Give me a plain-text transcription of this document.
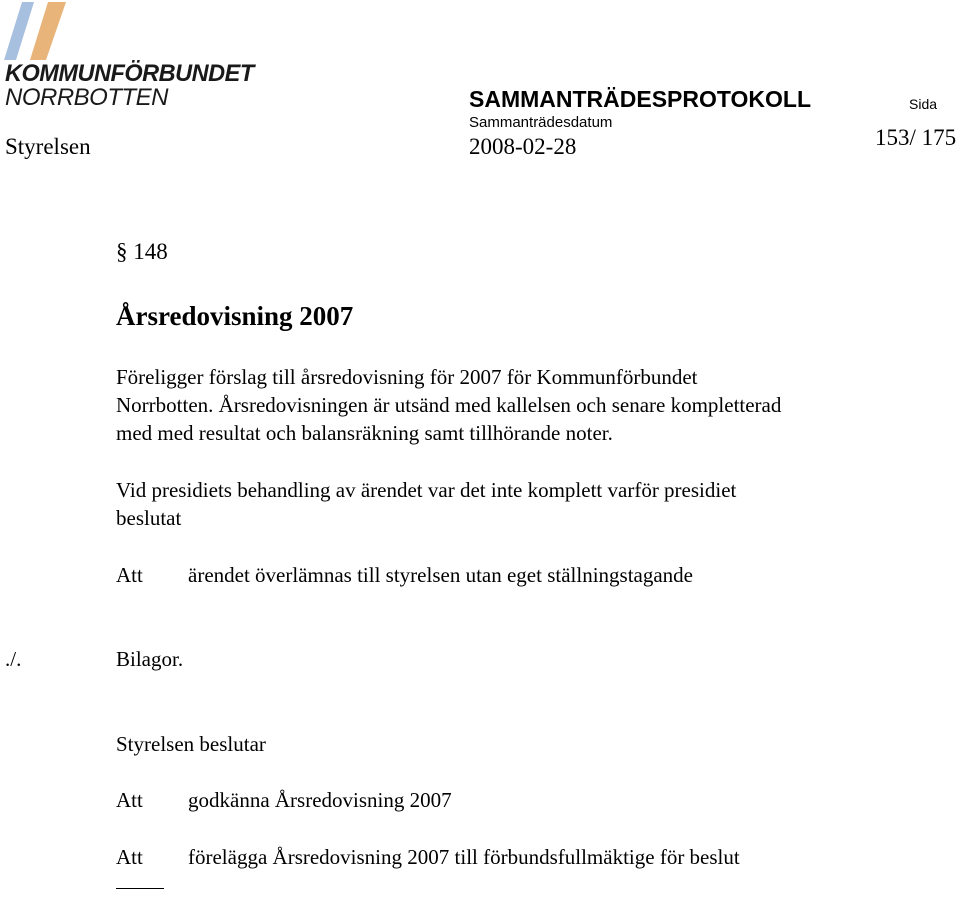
KOMMUNFÖRBUNDET
NORRBOTTEN	SAMMANTRÄDESPROTOKOLL	Sida
Sammanträdesdatum
Styrelsen	2008-02-28	153/ 175
§ 148
Årsredovisning 2007
Föreligger förslag till årsredovisning för 2007 för Kommunförbundet
Norrbotten. Årsredovisningen är utsänd med kallelsen och senare kompletterad
med med resultat och balansräkning samt tillhörande noter.
Vid presidiets behandling av ärendet var det inte komplett varför presidiet
beslutat
Att ärendet överlämnas till styrelsen utan eget ställningstagande
./.	Bilagor.
Styrelsen beslutar
Att godkänna Årsredovisning 2007
Att förelägga Årsredovisning 2007 till förbundsfullmäktige för beslut
